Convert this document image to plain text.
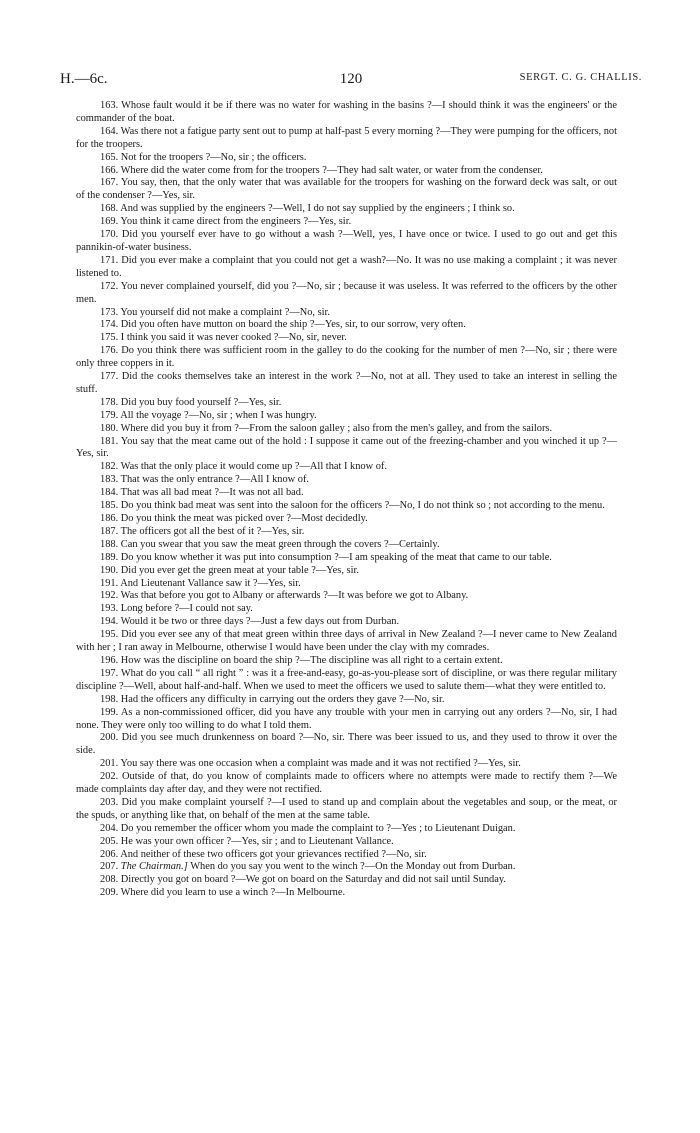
H.—6c.	120	SERGT. C. G. CHALLIS.

163. Whose fault would it be if there was no water for washing in the basins ?—I should think it was the engineers' or the commander of the boat.

164. Was there not a fatigue party sent out to pump at half-past 5 every morning ?—They were pumping for the officers, not for the troopers.

165. Not for the troopers ?—No, sir ; the officers.

166. Where did the water come from for the troopers ?—They had salt water, or water from the condenser.

167. You say, then, that the only water that was available for the troopers for washing on the forward deck was salt, or out of the condenser ?—Yes, sir.

168. And was supplied by the engineers ?—Well, I do not say supplied by the engineers ; I think so.

169. You think it came direct from the engineers ?—Yes, sir.

170. Did you yourself ever have to go without a wash ?—Well, yes, I have once or twice. I used to go out and get this pannikin-of-water business.

171. Did you ever make a complaint that you could not get a wash?—No. It was no use making a complaint ; it was never listened to.

172. You never complained yourself, did you ?—No, sir ; because it was useless. It was referred to the officers by the other men.

173. You yourself did not make a complaint ?—No, sir.

174. Did you often have mutton on board the ship ?—Yes, sir, to our sorrow, very often.

175. I think you said it was never cooked ?—No, sir, never.

176. Do you think there was sufficient room in the galley to do the cooking for the number of men ?—No, sir ; there were only three coppers in it.

177. Did the cooks themselves take an interest in the work ?—No, not at all. They used to take an interest in selling the stuff.

178. Did you buy food yourself ?—Yes, sir.

179. All the voyage ?—No, sir ; when I was hungry.

180. Where did you buy it from ?—From the saloon galley ; also from the men's galley, and from the sailors.

181. You say that the meat came out of the hold : I suppose it came out of the freezing-chamber and you winched it up ?—Yes, sir.

182. Was that the only place it would come up ?—All that I know of.

183. That was the only entrance ?—All I know of.

184. That was all bad meat ?—It was not all bad.

185. Do you think bad meat was sent into the saloon for the officers ?—No, I do not think so ; not according to the menu.

186. Do you think the meat was picked over ?—Most decidedly.

187. The officers got all the best of it ?—Yes, sir.

188. Can you swear that you saw the meat green through the covers ?—Certainly.

189. Do you know whether it was put into consumption ?—I am speaking of the meat that came to our table.

190. Did you ever get the green meat at your table ?—Yes, sir.

191. And Lieutenant Vallance saw it ?—Yes, sir.

192. Was that before you got to Albany or afterwards ?—It was before we got to Albany.

193. Long before ?—I could not say.

194. Would it be two or three days ?—Just a few days out from Durban.

195. Did you ever see any of that meat green within three days of arrival in New Zealand ?—I never came to New Zealand with her ; I ran away in Melbourne, otherwise I would have been under the clay with my comrades.

196. How was the discipline on board the ship ?—The discipline was all right to a certain extent.

197. What do you call “ all right ” : was it a free-and-easy, go-as-you-please sort of discipline, or was there regular military discipline ?—Well, about half-and-half. When we used to meet the officers we used to salute them—what they were entitled to.

198. Had the officers any difficulty in carrying out the orders they gave ?—No, sir.

199. As a non-commissioned officer, did you have any trouble with your men in carrying out any orders ?—No, sir, I had none. They were only too willing to do what I told them.

200. Did you see much drunkenness on board ?—No, sir. There was beer issued to us, and they used to throw it over the side.

201. You say there was one occasion when a complaint was made and it was not rectified ?—Yes, sir.

202. Outside of that, do you know of complaints made to officers where no attempts were made to rectify them ?—We made complaints day after day, and they were not rectified.

203. Did you make complaint yourself ?—I used to stand up and complain about the vegetables and soup, or the meat, or the spuds, or anything like that, on behalf of the men at the same table.

204. Do you remember the officer whom you made the complaint to ?—Yes ; to Lieutenant Duigan.

205. He was your own officer ?—Yes, sir ; and to Lieutenant Vallance.

206. And neither of these two officers got your grievances rectified ?—No, sir.

207. The Chairman.] When do you say you went to the winch ?—On the Monday out from Durban.

208. Directly you got on board ?—We got on board on the Saturday and did not sail until Sunday.

209. Where did you learn to use a winch ?—In Melbourne.
